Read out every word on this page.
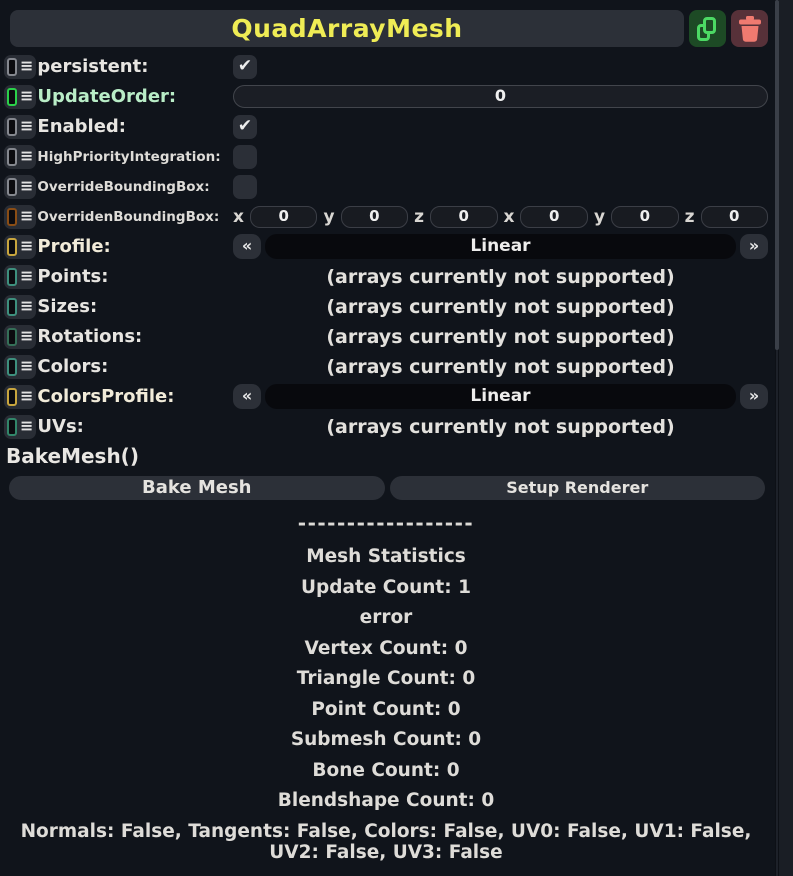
QuadArrayMesh
≡ persistent:	✔
≡ UpdateOrder:	0
≡ Enabled:	✔
≡ HighPriorityIntegration:
≡ OverrideBoundingBox:
≡ OverridenBoundingBox: x	0	y	0	z	0	x	0	y	0	z	0
≡ Profile:	«	Linear	»
≡ Points:	(arrays currently not supported)
≡ Sizes:	(arrays currently not supported)
≡ Rotations:	(arrays currently not supported)
≡ Colors:	(arrays currently not supported)
≡ ColorsProfile:	«	Linear	»
≡ UVs:	(arrays currently not supported)
BakeMesh()
Bake Mesh	Setup Renderer
------------------
Mesh Statistics
Update Count: 1
error
Vertex Count: 0
Triangle Count: 0
Point Count: 0
Submesh Count: 0
Bone Count: 0
Blendshape Count: 0
Normals: False, Tangents: False, Colors: False, UV0: False, UV1: False, UV2: False, UV3: False
